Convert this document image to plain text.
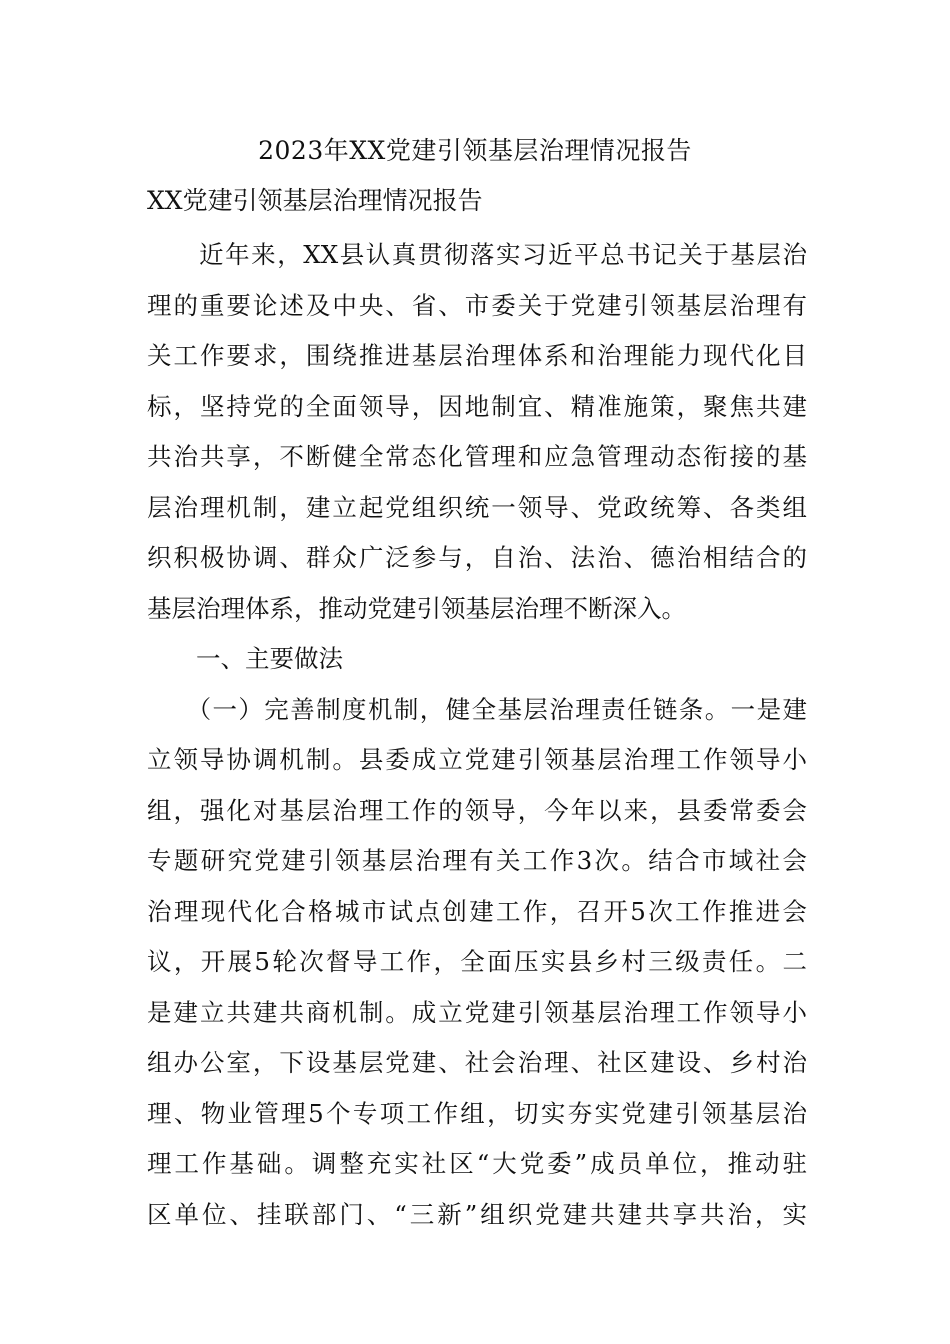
2023年XX党建引领基层治理情况报告
XX党建引领基层治理情况报告
　　近年来，XX县认真贯彻落实习近平总书记关于基层治
理的重要论述及中央、省、市委关于党建引领基层治理有
关工作要求，围绕推进基层治理体系和治理能力现代化目
标，坚持党的全面领导，因地制宜、精准施策，聚焦共建
共治共享，不断健全常态化管理和应急管理动态衔接的基
层治理机制，建立起党组织统一领导、党政统筹、各类组
织积极协调、群众广泛参与，自治、法治、德治相结合的
基层治理体系，推动党建引领基层治理不断深入。
　　一、主要做法
　　（一）完善制度机制，健全基层治理责任链条。一是建
立领导协调机制。县委成立党建引领基层治理工作领导小
组，强化对基层治理工作的领导，今年以来，县委常委会
专题研究党建引领基层治理有关工作3次。结合市域社会
治理现代化合格城市试点创建工作，召开5次工作推进会
议，开展5轮次督导工作，全面压实县乡村三级责任。二
是建立共建共商机制。成立党建引领基层治理工作领导小
组办公室，下设基层党建、社会治理、社区建设、乡村治
理、物业管理5个专项工作组，切实夯实党建引领基层治
理工作基础。调整充实社区“大党委”成员单位，推动驻
区单位、挂联部门、“三新”组织党建共建共享共治，实
